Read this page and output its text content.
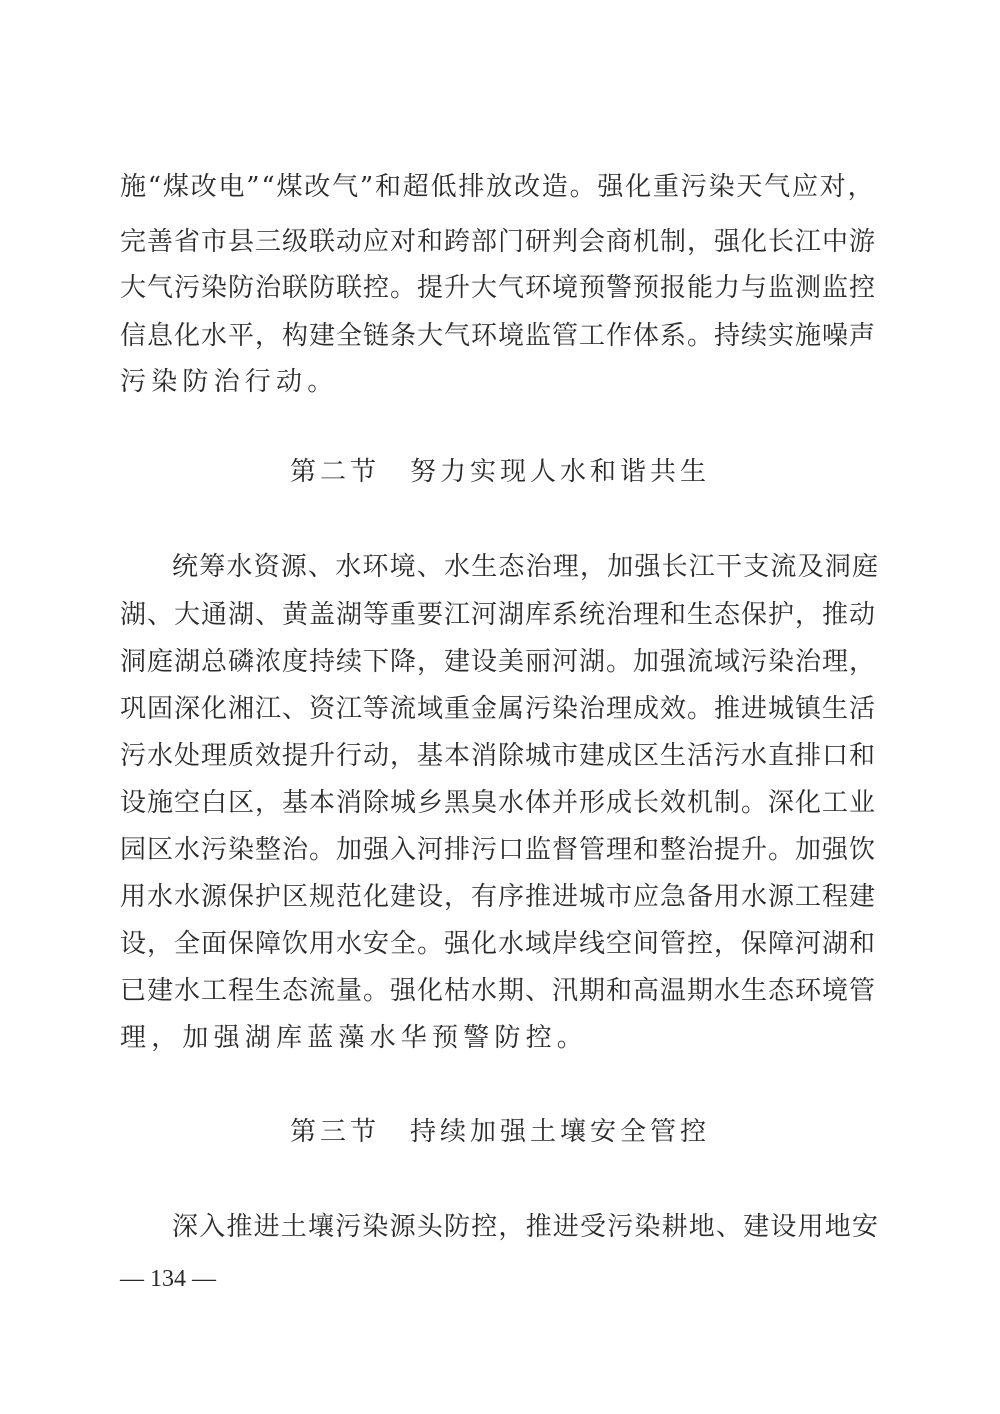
施“煤改电”“煤改气”和超低排放改造。强化重污染天气应对，
完善省市县三级联动应对和跨部门研判会商机制，强化长江中游
大气污染防治联防联控。提升大气环境预警预报能力与监测监控
信息化水平，构建全链条大气环境监管工作体系。持续实施噪声
污染防治行动。
第二节 努力实现人水和谐共生
统筹水资源、水环境、水生态治理，加强长江干支流及洞庭
湖、大通湖、黄盖湖等重要江河湖库系统治理和生态保护，推动
洞庭湖总磷浓度持续下降，建设美丽河湖。加强流域污染治理，
巩固深化湘江、资江等流域重金属污染治理成效。推进城镇生活
污水处理质效提升行动，基本消除城市建成区生活污水直排口和
设施空白区，基本消除城乡黑臭水体并形成长效机制。深化工业
园区水污染整治。加强入河排污口监督管理和整治提升。加强饮
用水水源保护区规范化建设，有序推进城市应急备用水源工程建
设，全面保障饮用水安全。强化水域岸线空间管控，保障河湖和
已建水工程生态流量。强化枯水期、汛期和高温期水生态环境管
理，加强湖库蓝藻水华预警防控。
第三节 持续加强土壤安全管控
深入推进土壤污染源头防控，推进受污染耕地、建设用地安
— 134 —
